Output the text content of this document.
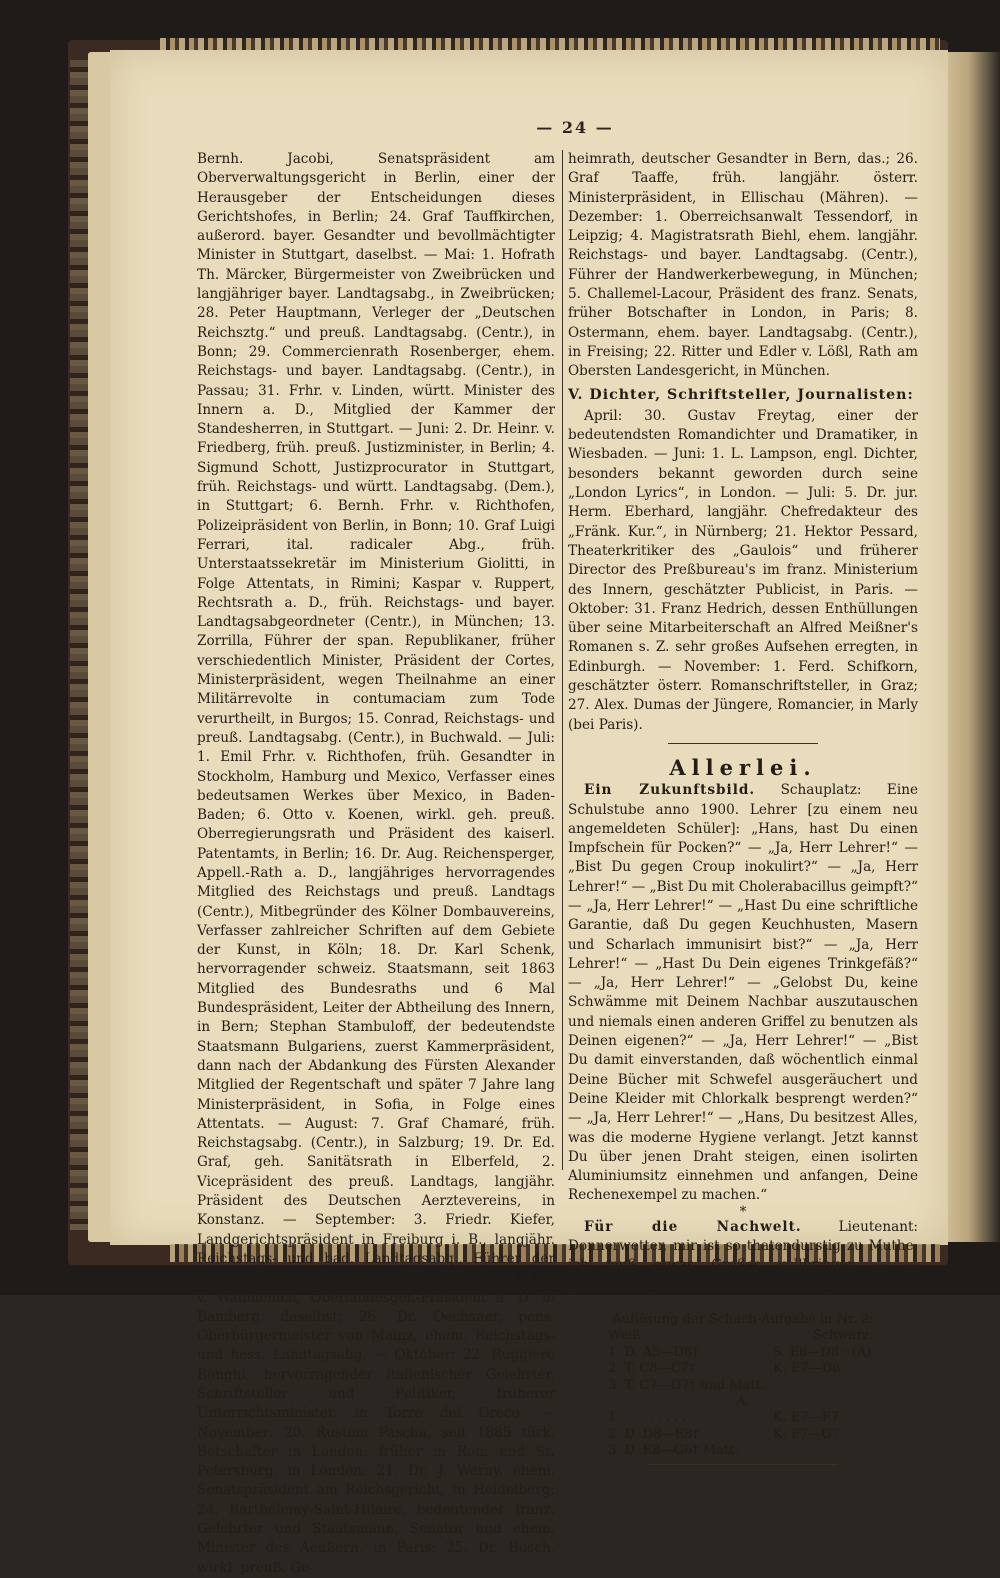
— 24 —

Bernh. Jacobi, Senatspräsident am Oberverwaltungsgericht in Berlin, einer der Herausgeber der Entscheidungen dieses Gerichtshofes, in Berlin; 24. Graf Tauffkirchen, außerord. bayer. Gesandter und bevollmächtigter Minister in Stuttgart, daselbst. — Mai: 1. Hofrath Th. Märcker, Bürgermeister von Zweibrücken und langjähriger bayer. Landtagsabg., in Zweibrücken; 28. Peter Hauptmann, Verleger der „Deutschen Reichsztg.“ und preuß. Landtagsabg. (Centr.), in Bonn; 29. Commercienrath Rosenberger, ehem. Reichstags- und bayer. Landtagsabg. (Centr.), in Passau; 31. Frhr. v. Linden, württ. Minister des Innern a. D., Mitglied der Kammer der Standesherren, in Stuttgart. — Juni: 2. Dr. Heinr. v. Friedberg, früh. preuß. Justizminister, in Berlin; 4. Sigmund Schott, Justizprocurator in Stuttgart, früh. Reichstags- und württ. Landtagsabg. (Dem.), in Stuttgart; 6. Bernh. Frhr. v. Richthofen, Polizeipräsident von Berlin, in Bonn; 10. Graf Luigi Ferrari, ital. radicaler Abg., früh. Unterstaatssekretär im Ministerium Giolitti, in Folge Attentats, in Rimini; Kaspar v. Ruppert, Rechtsrath a. D., früh. Reichstags- und bayer. Landtagsabgeordneter (Centr.), in München; 13. Zorrilla, Führer der span. Republikaner, früher verschiedentlich Minister, Präsident der Cortes, Ministerpräsident, wegen Theilnahme an einer Militärrevolte in contumaciam zum Tode verurtheilt, in Burgos; 15. Conrad, Reichstags- und preuß. Landtagsabg. (Centr.), in Buchwald. — Juli: 1. Emil Frhr. v. Richthofen, früh. Gesandter in Stockholm, Hamburg und Mexico, Verfasser eines bedeutsamen Werkes über Mexico, in Baden-Baden; 6. Otto v. Koenen, wirkl. geh. preuß. Oberregierungsrath und Präsident des kaiserl. Patentamts, in Berlin; 16. Dr. Aug. Reichensperger, Appell.-Rath a. D., langjähriges hervorragendes Mitglied des Reichstags und preuß. Landtags (Centr.), Mitbegründer des Kölner Dombauvereins, Verfasser zahlreicher Schriften auf dem Gebiete der Kunst, in Köln; 18. Dr. Karl Schenk, hervorragender schweiz. Staatsmann, seit 1863 Mitglied des Bundesraths und 6 Mal Bundespräsident, Leiter der Abtheilung des Innern, in Bern; Stephan Stambuloff, der bedeutendste Staatsmann Bulgariens, zuerst Kammerpräsident, dann nach der Abdankung des Fürsten Alexander Mitglied der Regentschaft und später 7 Jahre lang Ministerpräsident, in Sofia, in Folge eines Attentats. — August: 7. Graf Chamaré, früh. Reichstagsabg. (Centr.), in Salzburg; 19. Dr. Ed. Graf, geh. Sanitätsrath in Elberfeld, 2. Vicepräsident des preuß. Landtags, langjähr. Präsident des Deutschen Aerztevereins, in Konstanz. — September: 3. Friedr. Kiefer, Landgerichtspräsident in Freiburg i. B., langjähr. Reichstags- und bad. Landtagsabg., Führer der Nationalliberalen Badens, in Freiburg i. B.; 4. Karl v. Wallmenich, Oberlandesger.-Präsident a. D. in Bamberg, daselbst; 26. Dr. Oechsner, pens. Oberbürgermeister von Mainz, ehem. Reichstags- und hess. Landtagsabg. — Oktober: 22. Ruggiero Bonghi, hervorragender italienischer Gelehrter, Schriftsteller und Politiker, früherer Unterrichtsminister, in Torre del Greco. — November: 20. Rustem Pascha, seit 1885 türk. Botschafter in London, früher in Rom und St. Petersburg, in London; 21. Dr. J. Werny, ehem. Senatspräsident am Reichsgericht, in Heidelberg; 24. Barthélemy-Saint-Hilaire, bedeutender franz. Gelehrter und Staatsmann, Senator und ehem. Minister des Aeußern, in Paris; 25. Dr. Busch, wirkl. preuß. Ge-

heimrath, deutscher Gesandter in Bern, das.; 26. Graf Taaffe, früh. langjähr. österr. Ministerpräsident, in Ellischau (Mähren). — Dezember: 1. Oberreichsanwalt Tessendorf, in Leipzig; 4. Magistratsrath Biehl, ehem. langjähr. Reichstags- und bayer. Landtagsabg. (Centr.), Führer der Handwerkerbewegung, in München; 5. Challemel-Lacour, Präsident des franz. Senats, früher Botschafter in London, in Paris; 8. Ostermann, ehem. bayer. Landtagsabg. (Centr.), in Freising; 22. Ritter und Edler v. Lößl, Rath am Obersten Landesgericht, in München.

V. Dichter, Schriftsteller, Journalisten:

April: 30. Gustav Freytag, einer der bedeutendsten Romandichter und Dramatiker, in Wiesbaden. — Juni: 1. L. Lampson, engl. Dichter, besonders bekannt geworden durch seine „London Lyrics“, in London. — Juli: 5. Dr. jur. Herm. Eberhard, langjähr. Chefredakteur des „Fränk. Kur.“, in Nürnberg; 21. Hektor Pessard, Theaterkritiker des „Gaulois“ und früherer Director des Preßbureau's im franz. Ministerium des Innern, geschätzter Publicist, in Paris. — Oktober: 31. Franz Hedrich, dessen Enthüllungen über seine Mitarbeiterschaft an Alfred Meißner's Romanen s. Z. sehr großes Aufsehen erregten, in Edinburgh. — November: 1. Ferd. Schifkorn, geschätzter österr. Romanschriftsteller, in Graz; 27. Alex. Dumas der Jüngere, Romancier, in Marly (bei Paris).

Allerlei.

Ein Zukunftsbild. Schauplatz: Eine Schulstube anno 1900. Lehrer [zu einem neu angemeldeten Schüler]: „Hans, hast Du einen Impfschein für Pocken?“ — „Ja, Herr Lehrer!“ — „Bist Du gegen Croup inokulirt?“ — „Ja, Herr Lehrer!“ — „Bist Du mit Cholerabacillus geimpft?“ — „Ja, Herr Lehrer!“ — „Hast Du eine schriftliche Garantie, daß Du gegen Keuchhusten, Masern und Scharlach immunisirt bist?“ — „Ja, Herr Lehrer!“ — „Hast Du Dein eigenes Trinkgefäß?“ — „Ja, Herr Lehrer!“ — „Gelobst Du, keine Schwämme mit Deinem Nachbar auszutauschen und niemals einen anderen Griffel zu benutzen als Deinen eigenen?“ — „Ja, Herr Lehrer!“ — „Bist Du damit einverstanden, daß wöchentlich einmal Deine Bücher mit Schwefel ausgeräuchert und Deine Kleider mit Chlorkalk besprengt werden?“ — „Ja, Herr Lehrer!“ — „Hans, Du besitzest Alles, was die moderne Hygiene verlangt. Jetzt kannst Du über jenen Draht steigen, einen isolirten Aluminiumsitz einnehmen und anfangen, Deine Rechenexempel zu machen.“

*

Für die Nachwelt.	Lieutenant: Donnerwetter, mir ist so thatendurstig zu Muthe, ich muß etwas Großes vollbringen — — photographiren werde ich mich lassen.

Auflösung der Schach-Aufgabe in Nr. 2:
Weiß.	Schwarz.
1. D. A5—D8†	S. E6—D8 : (A)
2. T. C8—C7†	K. E7—D6
3. T. C7—D7† und Matt.
A.
1. . . . . . . . .	K. E7—F7
2. D. D8—E8†	K. F7—G7
3. D. E8—G6† Matt.
